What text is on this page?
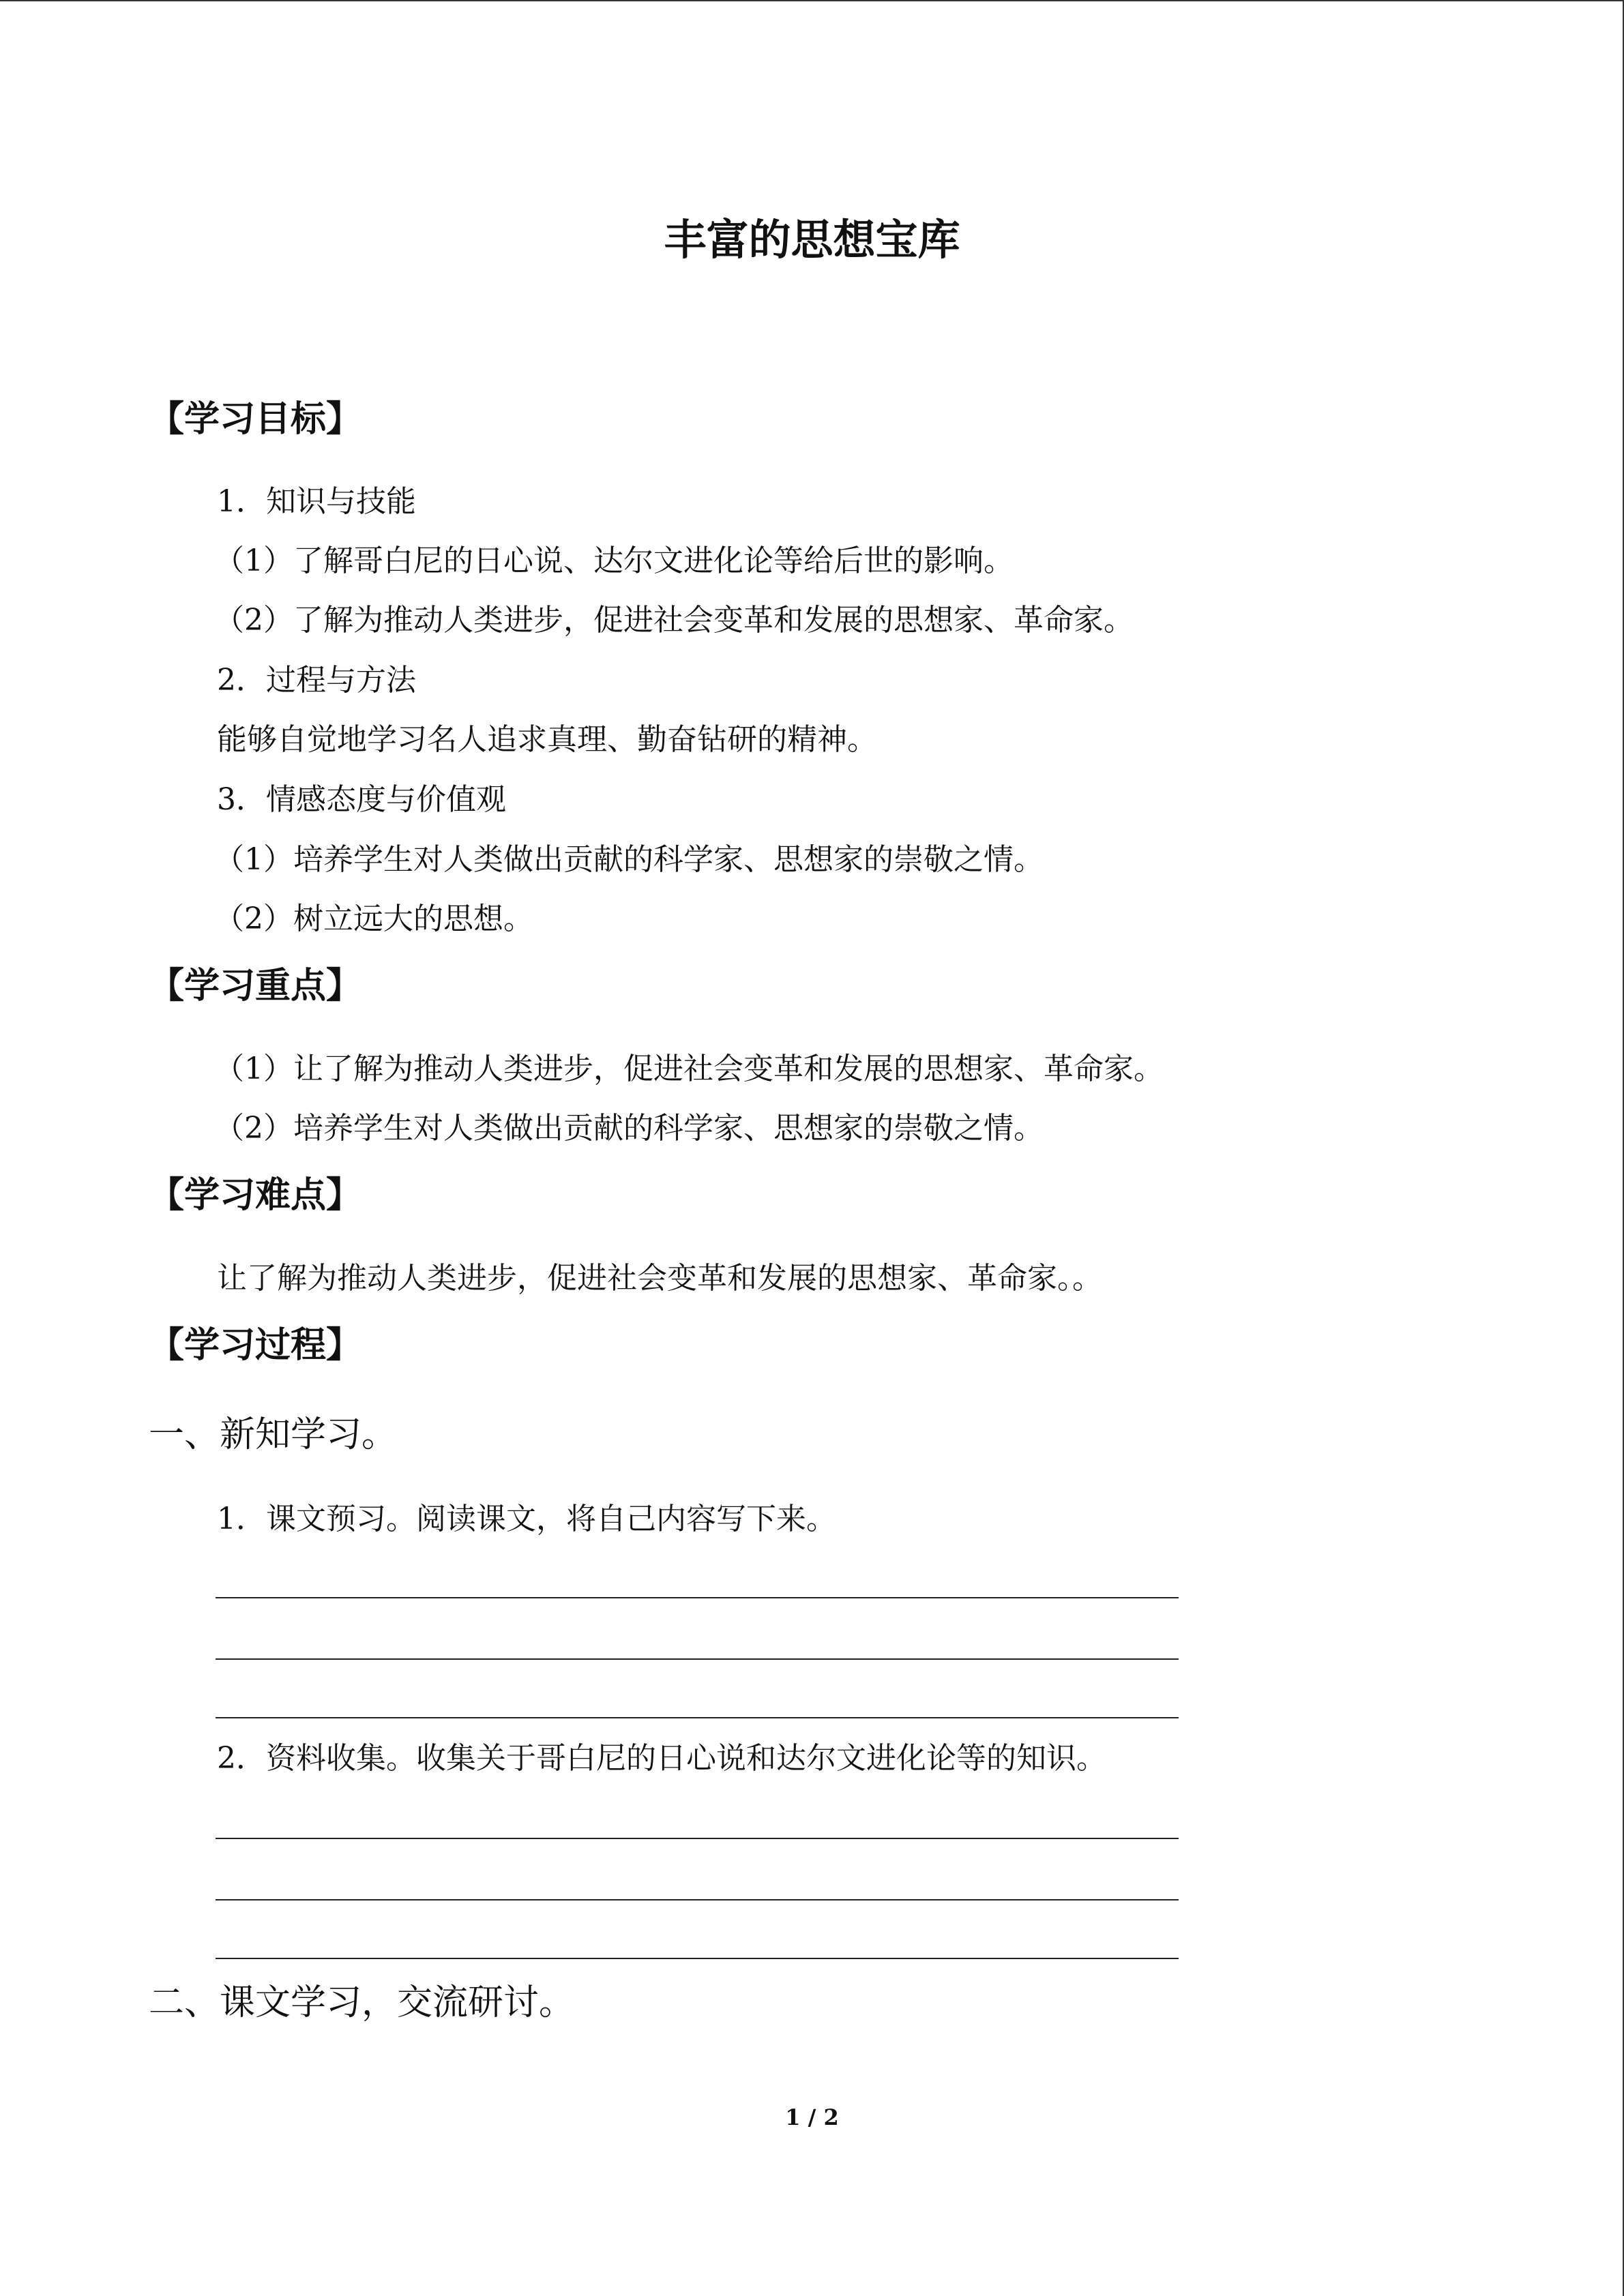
丰富的思想宝库
【学习目标】
1．知识与技能
（1）了解哥白尼的日心说、达尔文进化论等给后世的影响。
（2）了解为推动人类进步，促进社会变革和发展的思想家、革命家。
2．过程与方法
能够自觉地学习名人追求真理、勤奋钻研的精神。
3．情感态度与价值观
（1）培养学生对人类做出贡献的科学家、思想家的崇敬之情。
（2）树立远大的思想。
【学习重点】
（1）让了解为推动人类进步，促进社会变革和发展的思想家、革命家。
（2）培养学生对人类做出贡献的科学家、思想家的崇敬之情。
【学习难点】
让了解为推动人类进步，促进社会变革和发展的思想家、革命家。。
【学习过程】
一、新知学习。
1．课文预习。阅读课文，将自己内容写下来。
2．资料收集。收集关于哥白尼的日心说和达尔文进化论等的知识。
二、课文学习，交流研讨。
1 / 2
